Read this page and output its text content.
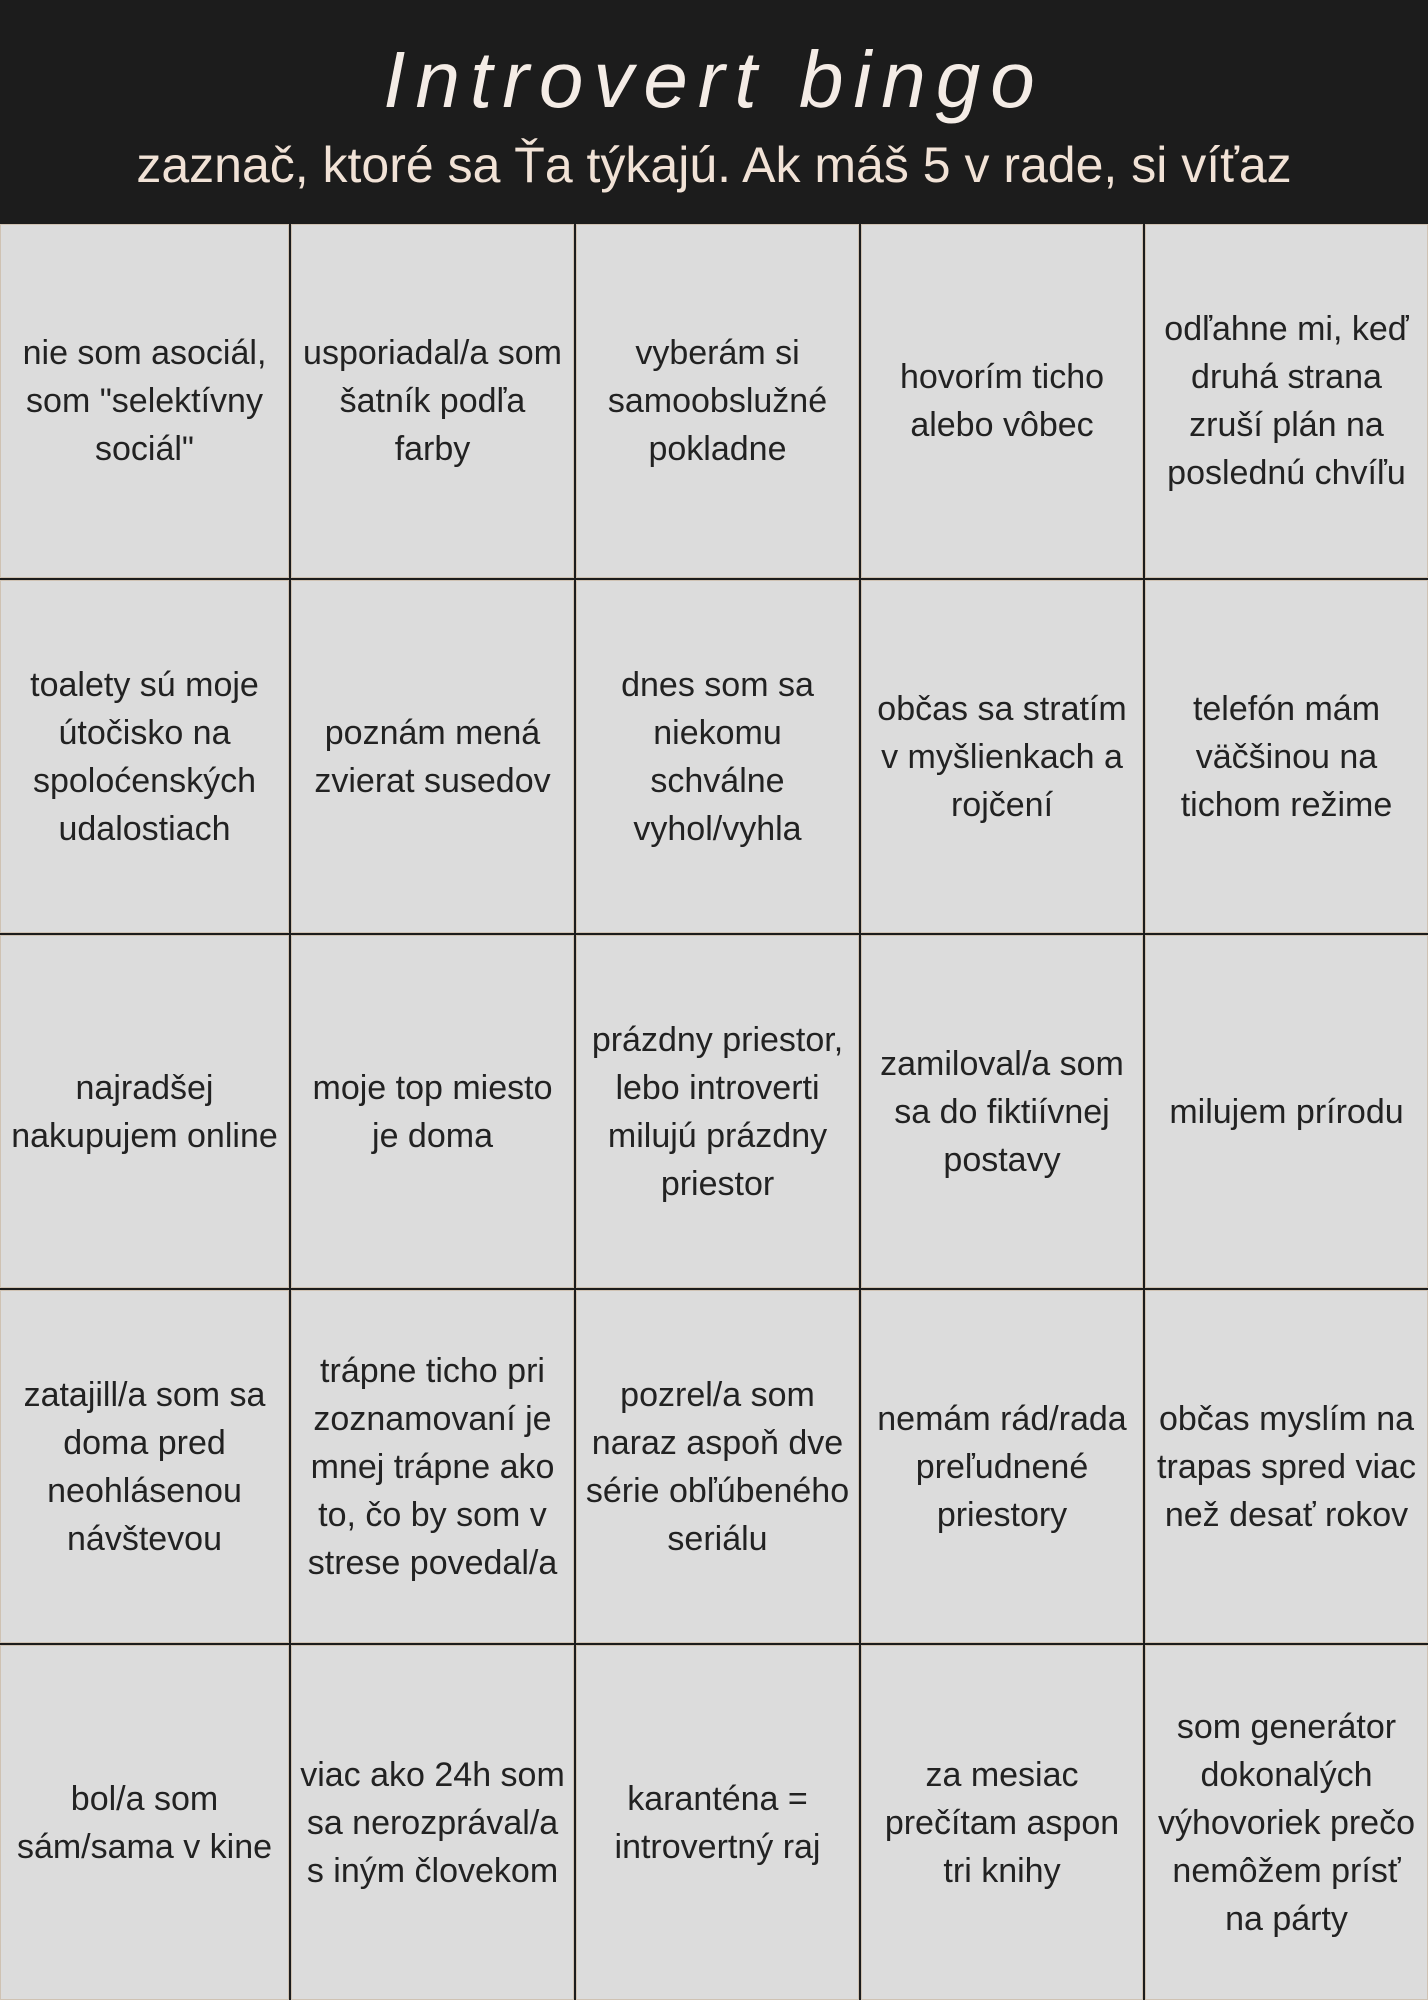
Introvert bingo
zaznač, ktoré sa Ťa týkajú. Ak máš 5 v rade, si víťaz
nie som asociál, som "selektívny sociál"
usporiadal/a som šatník podľa farby
vyberám si samoobslužné pokladne
hovorím ticho alebo vôbec
odľahne mi, keď druhá strana zruší plán na poslednú chvíľu
toalety sú moje útočisko na spoloćenských udalostiach
poznám mená zvierat susedov
dnes som sa niekomu schválne vyhol/vyhla
občas sa stratím v myšlienkach a rojčení
telefón mám väčšinou na tichom režime
najradšej nakupujem online
moje top miesto je doma
prázdny priestor, lebo introverti milujú prázdny priestor
zamiloval/a som sa do fiktiívnej postavy
milujem prírodu
zatajill/a som sa doma pred neohlásenou návštevou
trápne ticho pri zoznamovaní je mnej trápne ako to, čo by som v strese povedal/a
pozrel/a som naraz aspoň dve série obľúbeného seriálu
nemám rád/rada preľudnené priestory
občas myslím na trapas spred viac než desať rokov
bol/a som sám/sama v kine
viac ako 24h som sa nerozprával/a s iným človekom
karanténa = introvertný raj
za mesiac prečítam aspon tri knihy
som generátor dokonalých výhovoriek prečo nemôžem prísť na párty
